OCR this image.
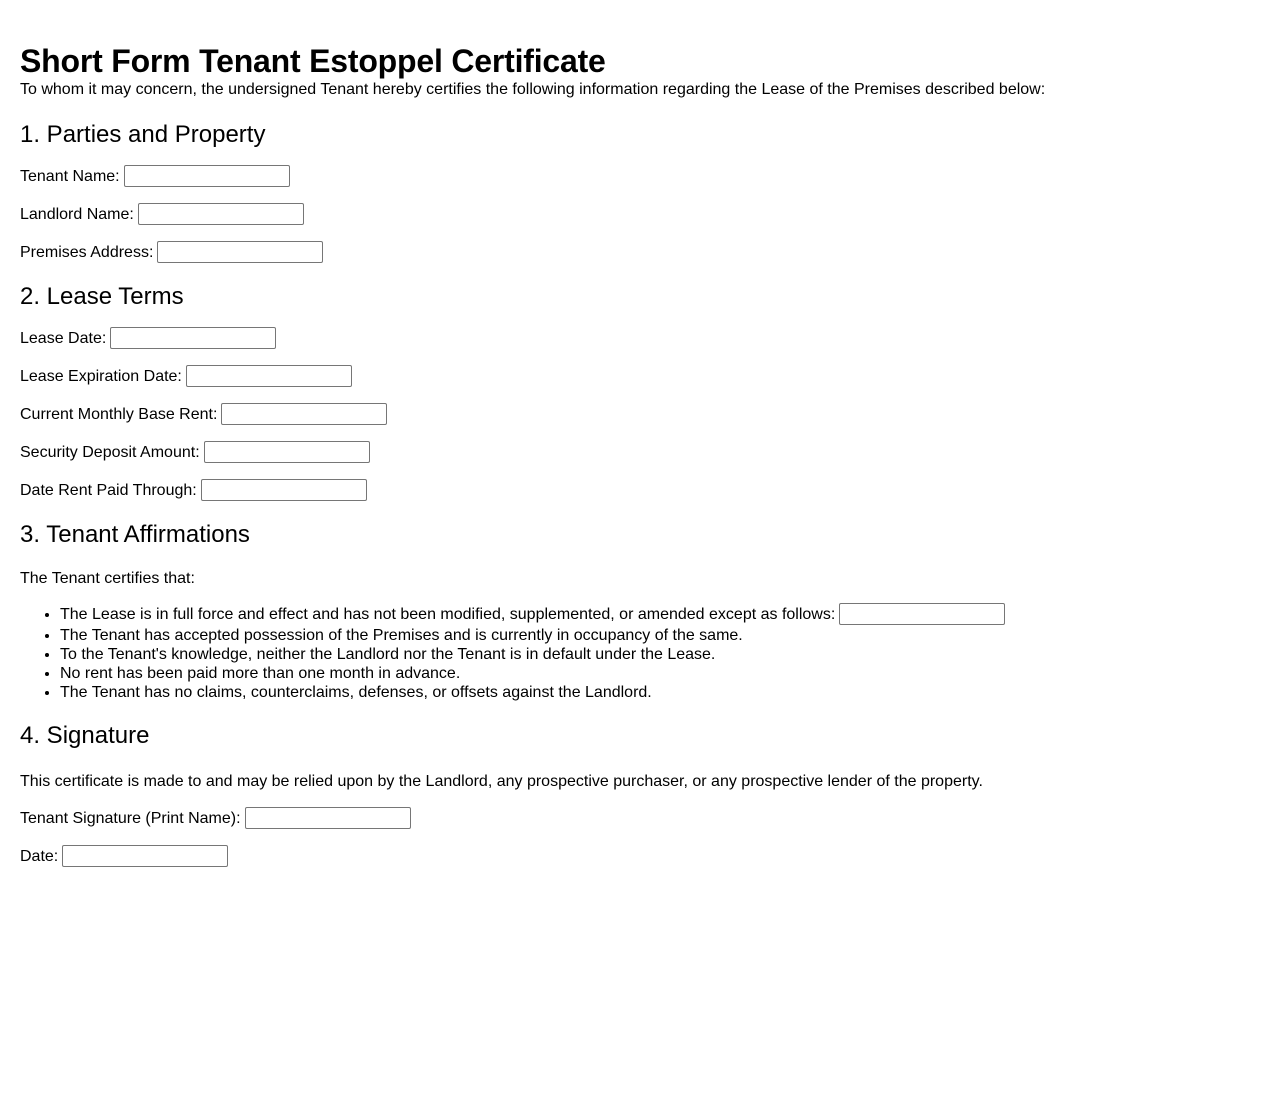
Short Form Tenant Estoppel Certificate

To whom it may concern, the undersigned Tenant hereby certifies the following information regarding the Lease of the Premises described below:

1. Parties and Property
Tenant Name:
Landlord Name:
Premises Address:
2. Lease Terms
Lease Date:
Lease Expiration Date:
Current Monthly Base Rent:
Security Deposit Amount:
Date Rent Paid Through:
3. Tenant Affirmations

The Tenant certifies that:

• The Lease is in full force and effect and has not been modified, supplemented, or amended except as follows:
• The Tenant has accepted possession of the Premises and is currently in occupancy of the same.
• To the Tenant's knowledge, neither the Landlord nor the Tenant is in default under the Lease.
• No rent has been paid more than one month in advance.
• The Tenant has no claims, counterclaims, defenses, or offsets against the Landlord.
4. Signature

This certificate is made to and may be relied upon by the Landlord, any prospective purchaser, or any prospective lender of the property.

Tenant Signature (Print Name):
Date:
